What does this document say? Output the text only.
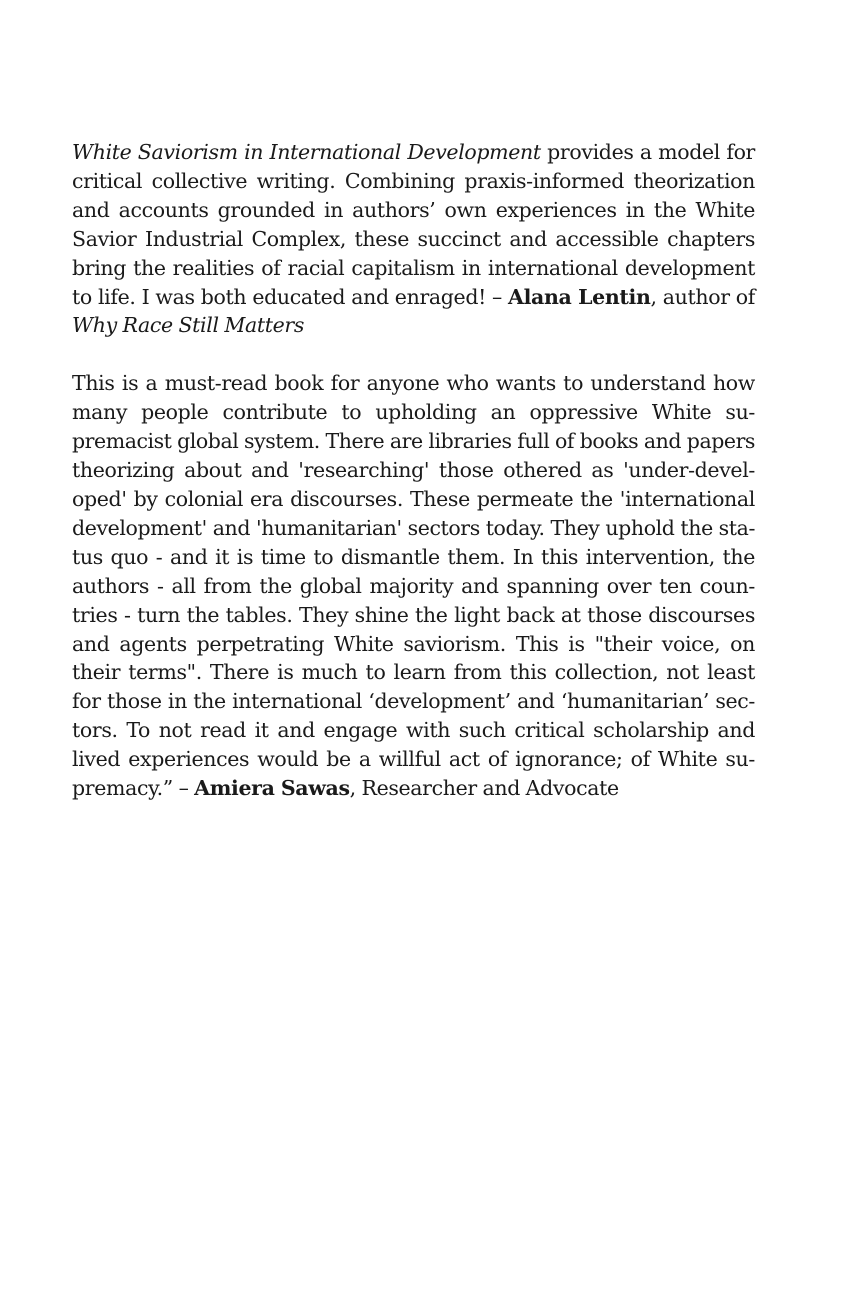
White Saviorism in International Development provides a model for
critical collective writing. Combining praxis-informed theorization
and accounts grounded in authors’ own experiences in the White
Savior Industrial Complex, these succinct and accessible chapters
bring the realities of racial capitalism in international development
to life. I was both educated and enraged! – Alana Lentin, author of
Why Race Still Matters
This is a must-read book for anyone who wants to understand how
many people contribute to upholding an oppressive White su-
premacist global system. There are libraries full of books and papers
theorizing about and 'researching' those othered as 'under-devel-
oped' by colonial era discourses. These permeate the 'international
development' and 'humanitarian' sectors today. They uphold the sta-
tus quo - and it is time to dismantle them. In this intervention, the
authors - all from the global majority and spanning over ten coun-
tries - turn the tables. They shine the light back at those discourses
and agents perpetrating White saviorism. This is "their voice, on
their terms". There is much to learn from this collection, not least
for those in the international ‘development’ and ‘humanitarian’ sec-
tors. To not read it and engage with such critical scholarship and
lived experiences would be a willful act of ignorance; of White su-
premacy.” – Amiera Sawas, Researcher and Advocate
